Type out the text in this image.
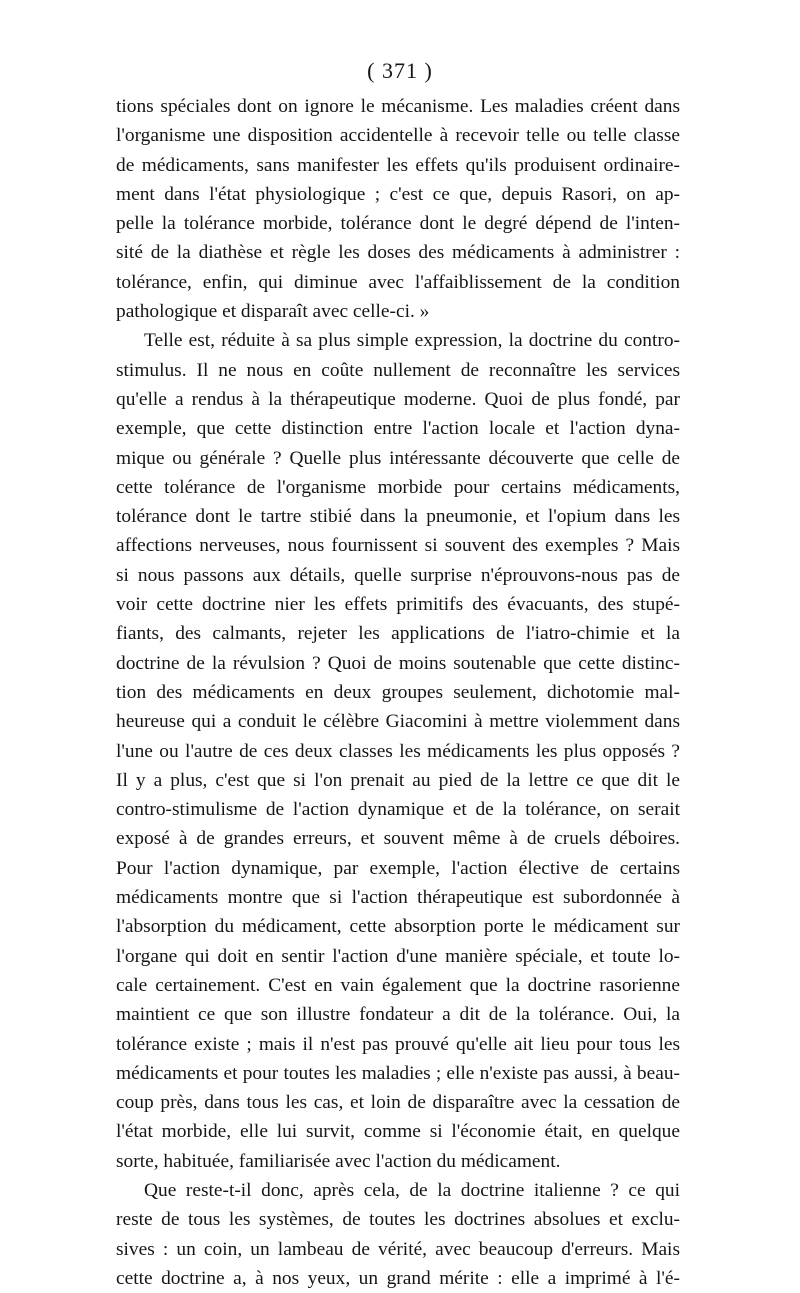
( 371 )
tions spéciales dont on ignore le mécanisme. Les maladies créent dans
l'organisme une disposition accidentelle à recevoir telle ou telle classe
de médicaments, sans manifester les effets qu'ils produisent ordinaire-
ment dans l'état physiologique ; c'est ce que, depuis Rasori, on ap-
pelle la tolérance morbide, tolérance dont le degré dépend de l'inten-
sité de la diathèse et règle les doses des médicaments à administrer :
tolérance, enfin, qui diminue avec l'affaiblissement de la condition
pathologique et disparaît avec celle-ci. »
Telle est, réduite à sa plus simple expression, la doctrine du contro-
stimulus. Il ne nous en coûte nullement de reconnaître les services
qu'elle a rendus à la thérapeutique moderne. Quoi de plus fondé, par
exemple, que cette distinction entre l'action locale et l'action dyna-
mique ou générale ? Quelle plus intéressante découverte que celle de
cette tolérance de l'organisme morbide pour certains médicaments,
tolérance dont le tartre stibié dans la pneumonie, et l'opium dans les
affections nerveuses, nous fournissent si souvent des exemples ? Mais
si nous passons aux détails, quelle surprise n'éprouvons-nous pas de
voir cette doctrine nier les effets primitifs des évacuants, des stupé-
fiants, des calmants, rejeter les applications de l'iatro-chimie et la
doctrine de la révulsion ? Quoi de moins soutenable que cette distinc-
tion des médicaments en deux groupes seulement, dichotomie mal-
heureuse qui a conduit le célèbre Giacomini à mettre violemment dans
l'une ou l'autre de ces deux classes les médicaments les plus opposés ?
Il y a plus, c'est que si l'on prenait au pied de la lettre ce que dit le
contro-stimulisme de l'action dynamique et de la tolérance, on serait
exposé à de grandes erreurs, et souvent même à de cruels déboires.
Pour l'action dynamique, par exemple, l'action élective de certains
médicaments montre que si l'action thérapeutique est subordonnée à
l'absorption du médicament, cette absorption porte le médicament sur
l'organe qui doit en sentir l'action d'une manière spéciale, et toute lo-
cale certainement. C'est en vain également que la doctrine rasorienne
maintient ce que son illustre fondateur a dit de la tolérance. Oui, la
tolérance existe ; mais il n'est pas prouvé qu'elle ait lieu pour tous les
médicaments et pour toutes les maladies ; elle n'existe pas aussi, à beau-
coup près, dans tous les cas, et loin de disparaître avec la cessation de
l'état morbide, elle lui survit, comme si l'économie était, en quelque
sorte, habituée, familiarisée avec l'action du médicament.
Que reste-t-il donc, après cela, de la doctrine italienne ? ce qui
reste de tous les systèmes, de toutes les doctrines absolues et exclu-
sives : un coin, un lambeau de vérité, avec beaucoup d'erreurs. Mais
cette doctrine a, à nos yeux, un grand mérite : elle a imprimé à l'é-
